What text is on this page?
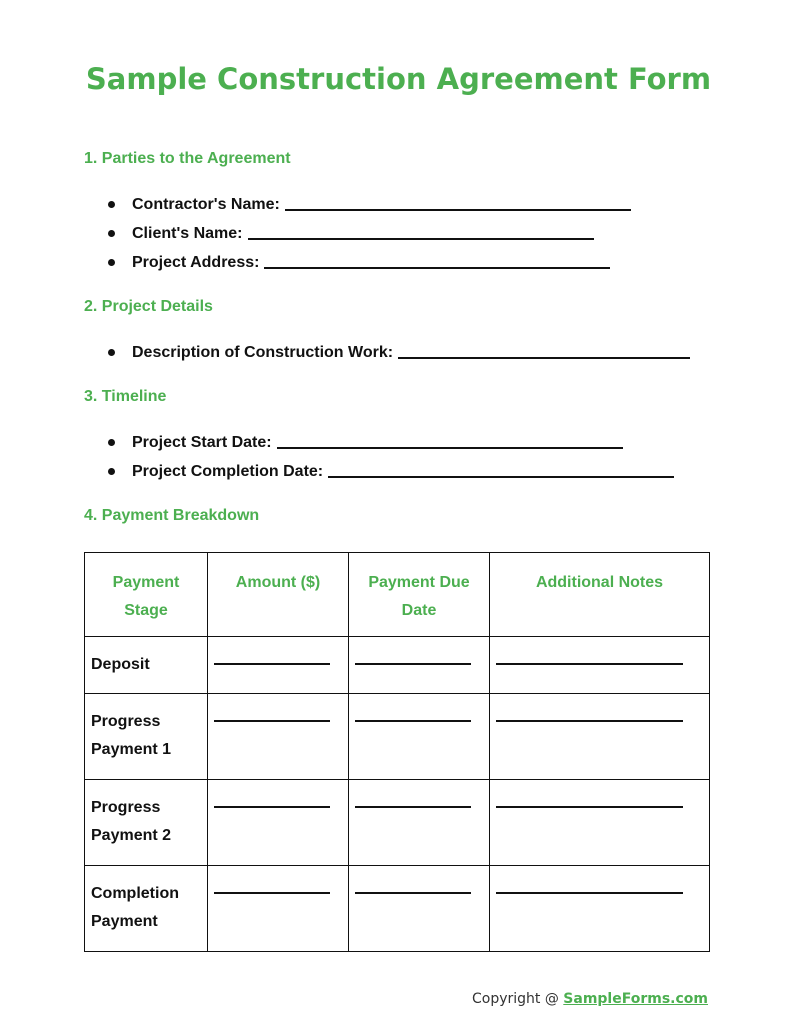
Sample Construction Agreement Form
1. Parties to the Agreement
Contractor's Name:
Client's Name:
Project Address:
2. Project Details
Description of Construction Work:
3. Timeline
Project Start Date:
Project Completion Date:
4. Payment Breakdown
Payment Stage	Amount ($)	Payment Due Date	Additional Notes
Deposit	

Progress Payment 1	

Progress Payment 2	

Completion Payment	

Copyright @ SampleForms.com
